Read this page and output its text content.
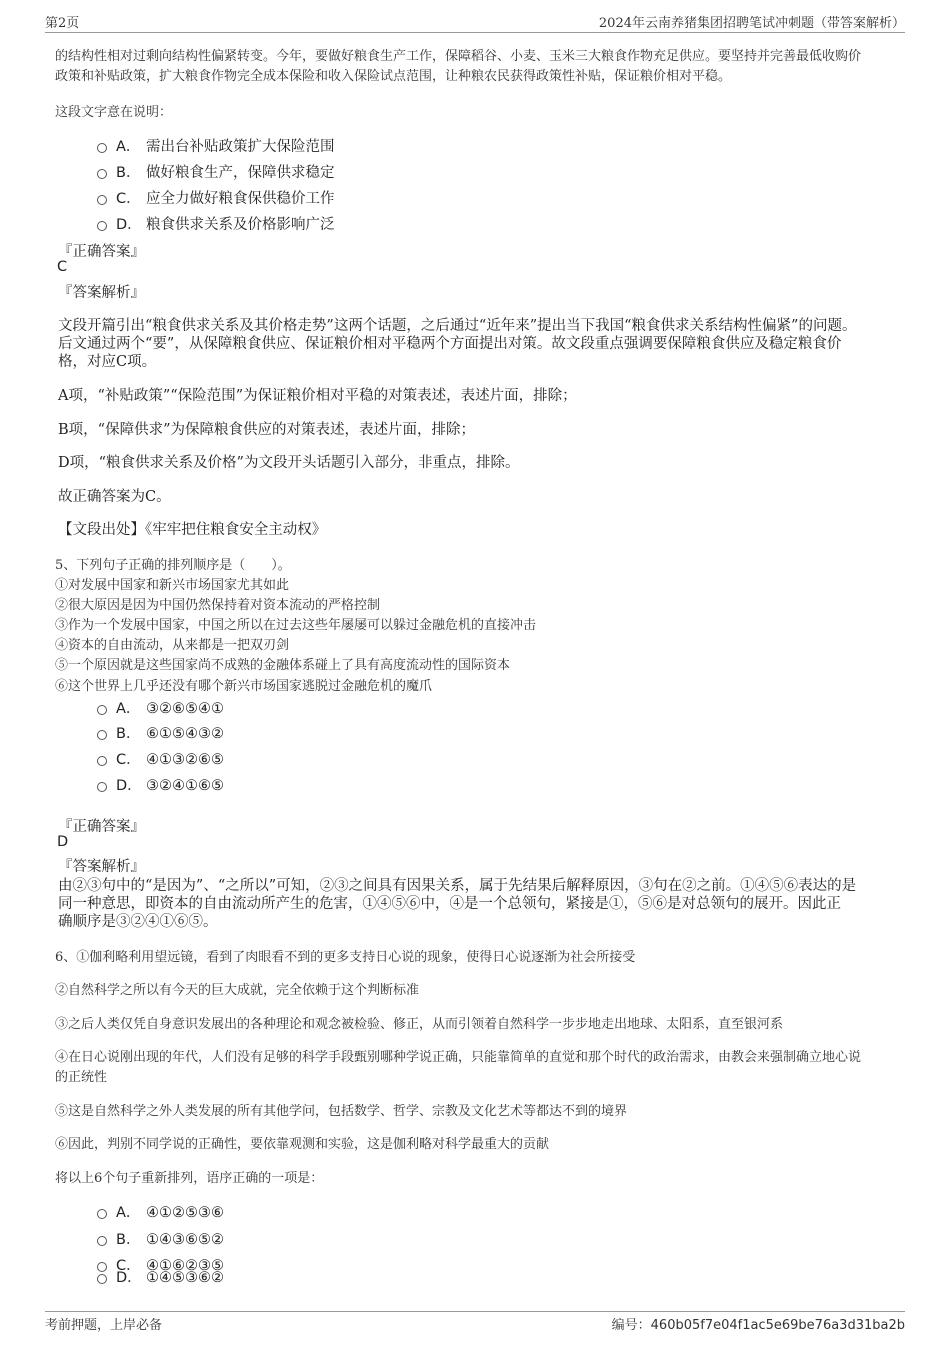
第2页	2024年云南养猪集团招聘笔试冲刺题（带答案解析）
的结构性相对过剩向结构性偏紧转变。今年，要做好粮食生产工作，保障稻谷、小麦、玉米三大粮食作物充足供应。要坚持并完善最低收购价
政策和补贴政策，扩大粮食作物完全成本保险和收入保险试点范围，让种粮农民获得政策性补贴，保证粮价相对平稳。
这段文字意在说明：
A． 需出台补贴政策扩大保险范围
B． 做好粮食生产，保障供求稳定
C． 应全力做好粮食保供稳价工作
D． 粮食供求关系及价格影响广泛
『正确答案』
C
『答案解析』
文段开篇引出“粮食供求关系及其价格走势”这两个话题，之后通过“近年来”提出当下我国“粮食供求关系结构性偏紧”的问题。
后文通过两个“要”，从保障粮食供应、保证粮价相对平稳两个方面提出对策。故文段重点强调要保障粮食供应及稳定粮食价
格，对应C项。
A项，“补贴政策”“保险范围”为保证粮价相对平稳的对策表述，表述片面，排除；
B项，“保障供求”为保障粮食供应的对策表述，表述片面，排除；
D项，“粮食供求关系及价格”为文段开头话题引入部分，非重点，排除。
故正确答案为C。
【文段出处】《牢牢把住粮食安全主动权》
5、下列句子正确的排列顺序是（　　）。
①对发展中国家和新兴市场国家尤其如此
②很大原因是因为中国仍然保持着对资本流动的严格控制
③作为一个发展中国家，中国之所以在过去这些年屡屡可以躲过金融危机的直接冲击
④资本的自由流动，从来都是一把双刃剑
⑤一个原因就是这些国家尚不成熟的金融体系碰上了具有高度流动性的国际资本
⑥这个世界上几乎还没有哪个新兴市场国家逃脱过金融危机的魔爪
A． ③②⑥⑤④①
B． ⑥①⑤④③②
C． ④①③②⑥⑤
D． ③②④①⑥⑤
『正确答案』
D
『答案解析』
由②③句中的“是因为”、“之所以”可知，②③之间具有因果关系，属于先结果后解释原因，③句在②之前。①④⑤⑥表达的是
同一种意思，即资本的自由流动所产生的危害，①④⑤⑥中，④是一个总领句，紧接是①，⑤⑥是对总领句的展开。因此正
确顺序是③②④①⑥⑤。
6、①伽利略利用望远镜，看到了肉眼看不到的更多支持日心说的现象，使得日心说逐渐为社会所接受
②自然科学之所以有今天的巨大成就，完全依赖于这个判断标准
③之后人类仅凭自身意识发展出的各种理论和观念被检验、修正，从而引领着自然科学一步步地走出地球、太阳系，直至银河系
④在日心说刚出现的年代，人们没有足够的科学手段甄别哪种学说正确，只能靠简单的直觉和那个时代的政治需求，由教会来强制确立地心说
的正统性
⑤这是自然科学之外人类发展的所有其他学问，包括数学、哲学、宗教及文化艺术等都达不到的境界
⑥因此，判别不同学说的正确性，要依靠观测和实验，这是伽利略对科学最重大的贡献
将以上6个句子重新排列，语序正确的一项是：
A． ④①②⑤③⑥
B． ①④③⑥⑤②
C． ④①⑥②③⑤
D． ①④⑤③⑥②
考前押题，上岸必备	编号：460b05f7e04f1ac5e69be76a3d31ba2b
